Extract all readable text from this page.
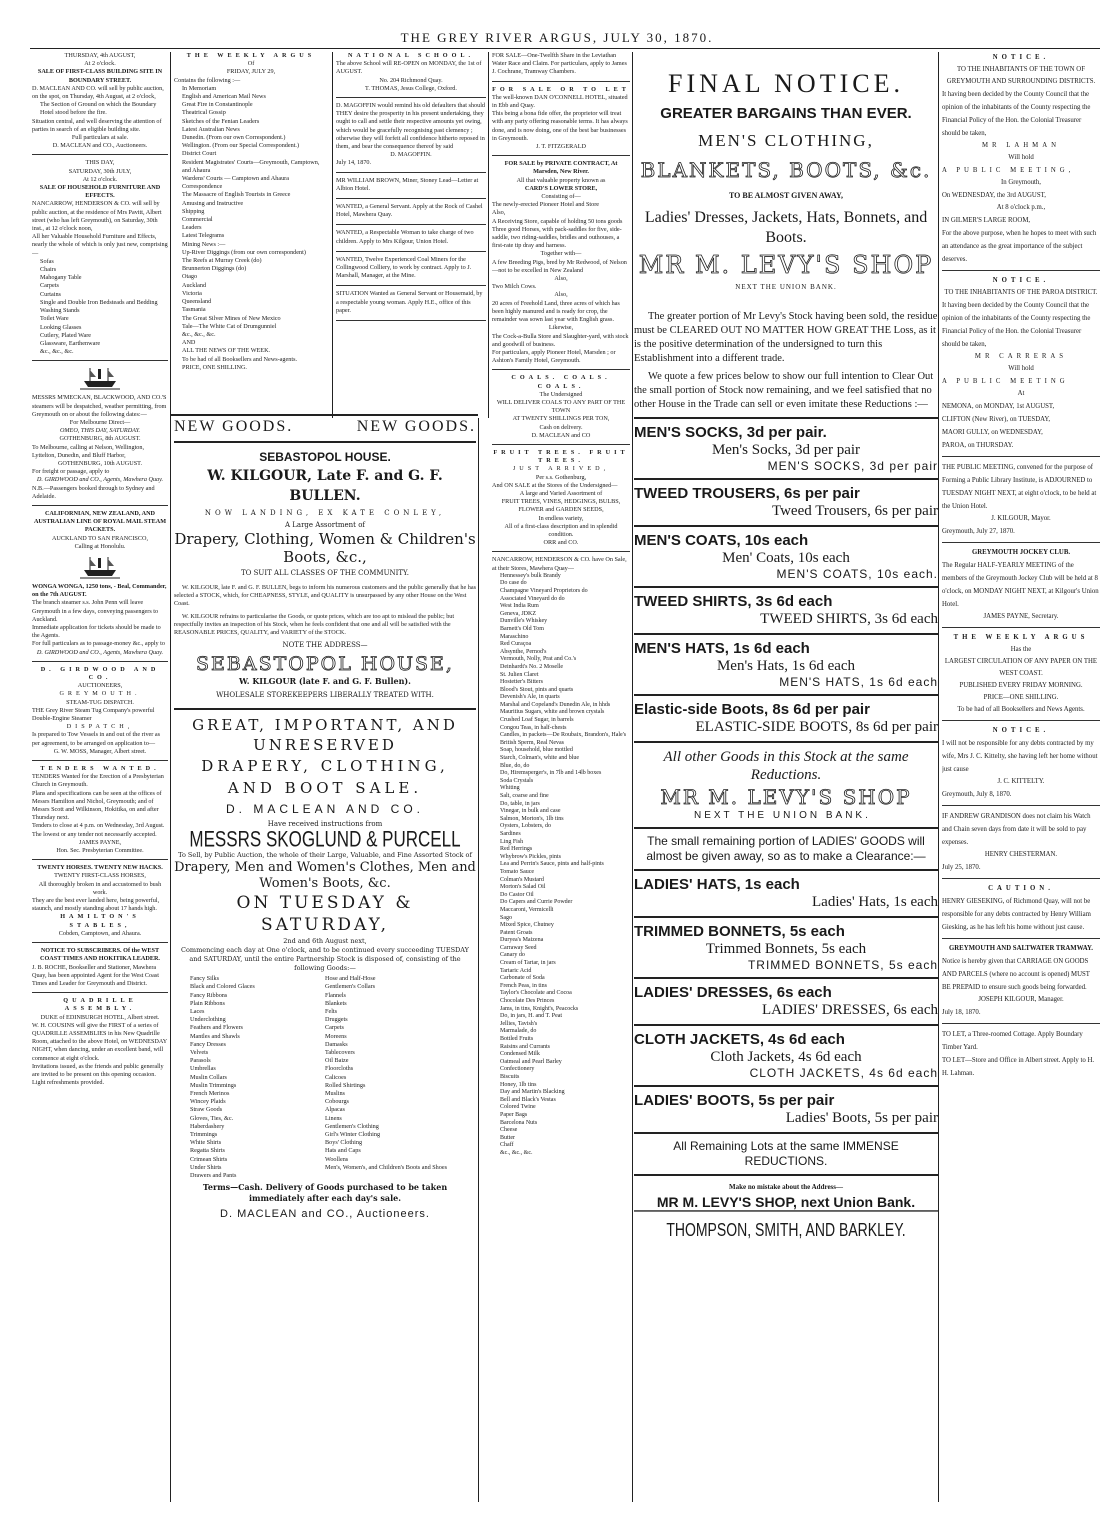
THE GREY RIVER ARGUS, JULY 30, 1870.
THURSDAY, 4th AUGUST,
At 2 o'clock.
SALE OF FIRST-CLASS BUILDING SITE IN BOUNDARY STREET.
D. MACLEAN AND CO. will sell by public auction, on the spot, on Thursday, 4th August, at 2 o'clock,
The Section of Ground on which the Boundary Hotel stood before the fire.
Situation central, and well deserving the attention of parties in search of an eligible building site.
Full particulars at sale.
D. MACLEAN and CO., Auctioneers.
THIS DAY,
SATURDAY, 30th JULY,
At 12 o'clock.
SALE OF HOUSEHOLD FURNITURE AND EFFECTS.
NANCARROW, HENDERSON & CO. will sell by public auction, at the residence of Mrs Pavitt, Albert street (who has left Greymouth), on Saturday, 30th inst., at 12 o'clock noon,
All her Valuable Household Furniture and Effects, nearly the whole of which is only just new, comprising—
Sofas
Chairs
Mahogany Table
Carpets
Curtains
Single and Double Iron Bedsteads and Bedding
Washing Stands
Toilet Ware
Looking Glasses
Cutlery, Plated Ware
Glassware, Earthenware
&c., &c., &c.
MESSRS M'MECKAN, BLACKWOOD, AND CO.'S steamers will be despatched, weather permitting, from Greymouth on or about the following dates:—
For Melbourne Direct—
OMEO, THIS DAY, SATURDAY.
GOTHENBURG, 8th AUGUST.
To Melbourne, calling at Nelson, Wellington, Lyttelton, Dunedin, and Bluff Harbor,
GOTHENBURG, 10th AUGUST.
For freight or passage, apply to
D. GIRDWOOD and CO., Agents, Mawhera Quay.
N.B.—Passengers booked through to Sydney and Adelaide.
CALIFORNIAN, NEW ZEALAND, AND AUSTRALIAN LINE OF ROYAL MAIL STEAM PACKETS.
AUCKLAND TO SAN FRANCISCO,
Calling at Honolulu.
WONGA WONGA, 1250 tons, - Beal, Commander, on the 7th AUGUST.
The branch steamer s.s. John Penn will leave Greymouth in a few days, conveying passengers to Auckland.
Immediate application for tickets should be made to the Agents.
For full particulars as to passage-money &c., apply to
D. GIRDWOOD and CO., Agents, Mawhera Quay.
D. GIRDWOOD AND CO.
AUCTIONEERS,
GREYMOUTH.
STEAM-TUG DISPATCH.
THE Grey River Steam Tug Company's powerful Double-Engine Steamer
DISPATCH,
Is prepared to Tow Vessels in and out of the river as per agreement, to be arranged on application to—
G. W. MOSS, Manager, Albert street.
TENDERS WANTED.
TENDERS Wanted for the Erection of a Presbyterian Church in Greymouth.
Plans and specifications can be seen at the offices of Messrs Hamilton and Nichol, Greymouth; and of Messrs Scott and Wilkinson, Hokitika, on and after Thursday next.
Tenders to close at 4 p.m. on Wednesday, 3rd August.
The lowest or any tender not necessarily accepted.
JAMES PAYNE,
Hon. Sec. Presbyterian Committee.
TWENTY HORSES. TWENTY NEW HACKS.
TWENTY FIRST-CLASS HORSES,
All thoroughly broken in and accustomed to bush work.
They are the best ever landed here, being powerful, staunch, and mostly standing about 17 hands high.
HAMILTON'S STABLES,
Cobden, Camptown, and Ahaura.
NOTICE TO SUBSCRIBERS. Of the WEST COAST TIMES AND HOKITIKA LEADER.
J. B. ROCHE, Bookseller and Stationer, Mawhera Quay, has been appointed Agent for the West Coast Times and Leader for Greymouth and District.
QUADRILLE ASSEMBLY.
DUKE of EDINBURGH HOTEL, Albert street.
W. H. COUSINS will give the FIRST of a series of QUADRILLE ASSEMBLIES in his New Quadrille Room, attached to the above Hotel, on WEDNESDAY NIGHT, when dancing, under an excellent band, will commence at eight o'clock.
Invitations issued, as the friends and public generally are invited to be present on this opening occasion.
Light refreshments provided.
THE WEEKLY ARGUS
Of
FRIDAY, JULY 29,
Contains the following :—
In Memoriam
English and American Mail News
Great Fire in Constantinople
Theatrical Gossip
Sketches of the Fenian Leaders
Latest Australian News
Dunedin. (From our own Correspondent.)
Wellington. (From our Special Correspondent.)
District Court
Resident Magistrates' Courts—Greymouth, Camptown, and Ahaura
Wardens' Courts — Camptown and Ahaura
Correspondence
The Massacre of English Tourists in Greece
Amusing and Instructive
Shipping
Commercial
Leaders
Latest Telegrams
Mining News :—
Up-River Diggings (from our own correspondent)
The Reefs at Murray Creek (do)
Brunnerton Diggings (do)
Otago
Auckland
Victoria
Queensland
Tasmania
The Great Silver Mines of New Mexico
Tale—The White Cat of Drumgunniel
&c., &c., &c.
AND
ALL THE NEWS OF THE WEEK.
To be had of all Booksellers and News-agents.
PRICE, ONE SHILLING.
NATIONAL SCHOOL.
The above School will RE-OPEN on MONDAY, the 1st of AUGUST.
No. 204 Richmond Quay.
T. THOMAS, Jesus College, Oxford.
D. MAGOFFIN would remind his old defaulters that should THEY desire the prosperity in his present undertaking, they ought to call and settle their respective amounts yet owing, which would be gracefully recognising past clemency ; otherwise they will forfeit all confidence hitherto reposed in them, and bear the consequence thereof by said
D. MAGOFFIN.
July 14, 1870.
MR WILLIAM BROWN, Miner, Stoney Lead—Letter at Albion Hotel.
WANTED, a General Servant. Apply at the Rock of Cashel Hotel, Mawhera Quay.
WANTED, a Respectable Woman to take charge of two children. Apply to Mrs Kilgour, Union Hotel.
WANTED, Twelve Experienced Coal Miners for the Collingwood Colliery, to work by contract. Apply to J. Marshall, Manager, at the Mine.
SITUATION Wanted as General Servant or Housemaid, by a respectable young woman. Apply H.E., office of this paper.
FOR SALE—One-Twelfth Share in the Leviathan Water Race and Claim. For particulars, apply to James J. Cochrane, Tramway Chambers.
FOR SALE OR TO LET
The well-known DAN O'CONNELL HOTEL, situated in Ebb and Quay.
This being a bona fide offer, the proprietor will treat with any party offering reasonable terms. It has always done, and is now doing, one of the best bar businesses in Greymouth.
J. T. FITZGERALD
FOR SALE by PRIVATE CONTRACT, At Marsden, New River.
All that valuable property known as
CARD'S LOWER STORE,
Consisting of—
The newly-erected Pioneer Hotel and Store
Also,
A Receiving Store, capable of holding 50 tons goods
Three good Horses, with pack-saddles for five, side-saddle, two riding-saddles, bridles and outhouses, a first-rate tip dray and harness.
Together with—
A few Breeding Pigs, bred by Mr Redwood, of Nelson—not to be excelled in New Zealand
Also,
Two Milch Cows.
Also,
20 acres of Freehold Land, three acres of which has been highly manured and is ready for crop, the remainder was sown last year with English grass.
Likewise,
The Cock-a-Bulla Store and Slaughter-yard, with stock and goodwill of business.
For particulars, apply Pioneer Hotel, Marsden ; or Ashton's Family Hotel, Greymouth.
COALS. COALS. COALS.
The Undersigned
WILL DELIVER COALS TO ANY PART OF THE TOWN
AT TWENTY SHILLINGS PER TON,
Cash on delivery.
D. MACLEAN and CO
FRUIT TREES. FRUIT TREES.
JUST ARRIVED,
Per s.s. Gothenburg,
And ON SALE at the Stores of the Undersigned—
A large and Varied Assortment of
FRUIT TREES, VINES, HEDGINGS, BULBS,
FLOWER and GARDEN SEEDS,
In endless variety,
All of a first-class description and in splendid condition.
ORR and CO.
NANCARROW, HENDERSON & CO. have On Sale, at their Stores, Mawhera Quay—
Hennessey's bulk Brandy
Do case do
Champagne Vineyard Proprietors do
Associated Vineyard do do
West India Rum
Geneva, JDKZ
Dunville's Whiskey
Barnett's Old Tom
Maraschino
Red Curaçoa
Absynthe, Pernod's
Vermouth, Nolly, Prat and Co.'s
Deinhardt's No. 2 Moselle
St. Julien Claret
Hostetter's Bitters
Blood's Stout, pints and quarts
Devenish's Ale, in quarts
Marshal and Copeland's Dunedin Ale, in hhds
Mauritius Sugars, white and brown crystals
Crushed Loaf Sugar, in barrels
Congou Teas, in half-chests
Candles, in packets—De Roubaix, Brandon's, Hale's British Sperm, Real Nevas
Soap, household, blue mottled
Starch, Colman's, white and blue
Blue, do, do
Do, Hiremsperger's, in 7lb and 14lb boxes
Soda Crystals
Whiting
Salt, coarse and fine
Do, table, in jars
Vinegar, in bulk and case
Salmon, Morton's, 1lb tins
Oysters, Lobsters, do
Sardines
Ling Fish
Red Herrings
Whybrow's Pickles, pints
Lea and Perrin's Sauce, pints and half-pints
Tomato Sauce
Colman's Mustard
Morton's Salad Oil
Do Castor Oil
Do Capers and Currie Powder
Maccaroni, Vermicelli
Sago
Mixed Spice, Chutney
Patent Groats
Duryea's Maizena
Carraway Seed
Canary do
Cream of Tartar, in jars
Tartaric Acid
Carbonate of Soda
French Peas, in tins
Taylor's Chocolate and Cocoa
Chocolate Des Princes
Jams, in tins, Knight's, Peacocks
Do, in jars, H. and T. Peat
Jellies, Tavish's
Marmalade, do
Bottled Fruits
Raisins and Currants
Condensed Milk
Oatmeal and Pearl Barley
Confectionery
Biscuits
Honey, 1lb tins
Day and Martin's Blacking
Bell and Black's Vestas
Colored Twine
Paper Bags
Barcelona Nuts
Cheese
Butter
Chaff
&c., &c., &c.
NEW GOODS.	NEW GOODS.
SEBASTOPOL HOUSE.
W. KILGOUR, Late F. and G. F. BULLEN.
NOW LANDING, EX KATE CONLEY,
A Large Assortment of
Drapery, Clothing, Women & Children's Boots, &c.,
TO SUIT ALL CLASSES OF THE COMMUNITY.
W. KILGOUR, late F. and G. F. BULLEN, begs to inform his numerous customers and the public generally that he has selected a STOCK, which, for CHEAPNESS, STYLE, and QUALITY is unsurpassed by any other House on the West Coast.
W. KILGOUR refrains to particularise the Goods, or quote prices, which are too apt to mislead the public; but respectfully invites an inspection of his Stock, when he feels confident that one and all will be satisfied with the REASONABLE PRICES, QUALITY, and VARIETY of the STOCK.
NOTE THE ADDRESS—
SEBASTOPOL HOUSE,
W. KILGOUR (late F. and G. F. Bullen).
WHOLESALE STOREKEEPERS LIBERALLY TREATED WITH.
GREAT, IMPORTANT, AND UNRESERVED
DRAPERY, CLOTHING, AND BOOT SALE.
D. MACLEAN AND CO.
Have received instructions from
MESSRS SKOGLUND & PURCELL
To Sell, by Public Auction, the whole of their Large, Valuable, and Fine Assorted Stock of
Drapery, Men and Women's Clothes, Men and Women's Boots, &c.
ON TUESDAY & SATURDAY,
2nd and 6th August next,
Commencing each day at One o'clock, and to be continued every succeeding TUESDAY and SATURDAY, until the entire Partnership Stock is disposed of, consisting of the following Goods:—
Fancy Silks
Black and Colored Glaces
Fancy Ribbons
Plain Ribbons
Laces
Underclothing
Feathers and Flowers
Mantles and Shawls
Fancy Dresses
Velvets
Parasols
Umbrellas
Muslin Collars
Muslin Trimmings
French Merinos
Wincey Plaids
Straw Goods
Gloves, Ties, &c.
Haberdashery
Trimmings
White Shirts
Regatta Shirts
Crimean Shirts
Under Shirts
Drawers and Pants
Hose and Half-Hose
Gentlemen's Collars
Flannels
Blankets
Felts
Druggets
Carpets
Moreens
Damasks
Tablecovers
Oil Baize
Floorcloths
Calicoes
Rolled Shirtings
Muslins
Cobourgs
Alpacas
Linens
Gentlemen's Clothing
Girl's Winter Clothing
Boys' Clothing
Hats and Caps
Woollens
Men's, Women's, and Children's Boots and Shoes
Terms—Cash. Delivery of Goods purchased to be taken immediately after each day's sale.
D. MACLEAN and CO., Auctioneers.
FINAL NOTICE.
GREATER BARGAINS THAN EVER.
MEN'S CLOTHING,
BLANKETS, BOOTS, &c.
TO BE ALMOST GIVEN AWAY,
Ladies' Dresses, Jackets, Hats, Bonnets, and Boots.
MR M. LEVY'S SHOP
NEXT THE UNION BANK.
The greater portion of Mr Levy's Stock having been sold, the residue must be CLEARED OUT NO MATTER HOW GREAT THE Loss, as it is the positive determination of the undersigned to turn this Establishment into a different trade.
We quote a few prices below to show our full intention to Clear Out the small portion of Stock now remaining, and we feel satisfied that no other House in the Trade can sell or even imitate these Reductions :—
MEN'S SOCKS, 3d per pair.
Men's Socks, 3d per pair
MEN'S SOCKS, 3d per pair
TWEED TROUSERS, 6s per pair
Tweed Trousers, 6s per pair
MEN'S COATS, 10s each
Men' Coats, 10s each
MEN'S COATS, 10s each.
TWEED SHIRTS, 3s 6d each
TWEED SHIRTS, 3s 6d each
MEN'S HATS, 1s 6d each
Men's Hats, 1s 6d each
MEN'S HATS, 1s 6d each
Elastic-side Boots, 8s 6d per pair
ELASTIC-SIDE BOOTS, 8s 6d per pair
All other Goods in this Stock at the same Reductions.
MR M. LEVY'S SHOP
NEXT THE UNION BANK.
The small remaining portion of LADIES' GOODS will almost be given away, so as to make a Clearance:—
LADIES' HATS, 1s each
Ladies' Hats, 1s each
TRIMMED BONNETS, 5s each
Trimmed Bonnets, 5s each
TRIMMED BONNETS, 5s each
LADIES' DRESSES, 6s each
LADIES' DRESSES, 6s each
CLOTH JACKETS, 4s 6d each
Cloth Jackets, 4s 6d each
CLOTH JACKETS, 4s 6d each
LADIES' BOOTS, 5s per pair
Ladies' Boots, 5s per pair
All Remaining Lots at the same IMMENSE REDUCTIONS.
Make no mistake about the Address—
MR M. LEVY'S SHOP, next Union Bank.
THOMPSON, SMITH, AND BARKLEY.
NOTICE.
TO THE INHABITANTS OF THE TOWN OF GREYMOUTH AND SURROUNDING DISTRICTS.
It having been decided by the County Council that the opinion of the inhabitants of the County respecting the Financial Policy of the Hon. the Colonial Treasurer should be taken,
MR LAHMAN
Will hold
A PUBLIC MEETING,
In Greymouth,
On WEDNESDAY, the 3rd AUGUST,
At 8 o'clock p.m.,
IN GILMER'S LARGE ROOM,
For the above purpose, when he hopes to meet with such an attendance as the great importance of the subject deserves.
NOTICE.
TO THE INHABITANTS OF THE PAROA DISTRICT.
It having been decided by the County Council that the opinion of the inhabitants of the County respecting the Financial Policy of the Hon. the Colonial Treasurer should be taken,
MR CARRERAS
Will hold
A PUBLIC MEETING
At
NEMONA, on MONDAY, 1st AUGUST,
CLIFTON (New River), on TUESDAY,
MAORI GULLY, on WEDNESDAY,
PAROA, on THURSDAY.
THE PUBLIC MEETING, convened for the purpose of Forming a Public Library Institute, is ADJOURNED to TUESDAY NIGHT NEXT, at eight o'clock, to be held at the Union Hotel.
J. KILGOUR, Mayor.
Greymouth, July 27, 1870.
GREYMOUTH JOCKEY CLUB.
The Regular HALF-YEARLY MEETING of the members of the Greymouth Jockey Club will be held at 8 o'clock, on MONDAY NIGHT NEXT, at Kilgour's Union Hotel.
JAMES PAYNE, Secretary.
THE WEEKLY ARGUS
Has the
LARGEST CIRCULATION OF ANY PAPER ON THE WEST COAST.
PUBLISHED EVERY FRIDAY MORNING.
PRICE—ONE SHILLING.
To be had of all Booksellers and News Agents.
NOTICE.
I will not be responsible for any debts contracted by my wife, Mrs J. C. Kittelty, she having left her home without just cause
J. C. KITTELTY.
Greymouth, July 8, 1870.
IF ANDREW GRANDISON does not claim his Watch and Chain seven days from date it will be sold to pay expenses.
HENRY CHESTERMAN.
July 25, 1870.
CAUTION.
HENRY GIESEKING, of Richmond Quay, will not be responsible for any debts contracted by Henry William Giesking, as he has left his home without just cause.
GREYMOUTH AND SALTWATER TRAMWAY.
Notice is hereby given that CARRIAGE ON GOODS AND PARCELS (where no account is opened) MUST BE PREPAID to ensure such goods being forwarded.
JOSEPH KILGOUR, Manager.
July 18, 1870.
TO LET, a Three-roomed Cottage. Apply Boundary Timber Yard.
TO LET—Store and Office in Albert street. Apply to H. H. Lahman.
